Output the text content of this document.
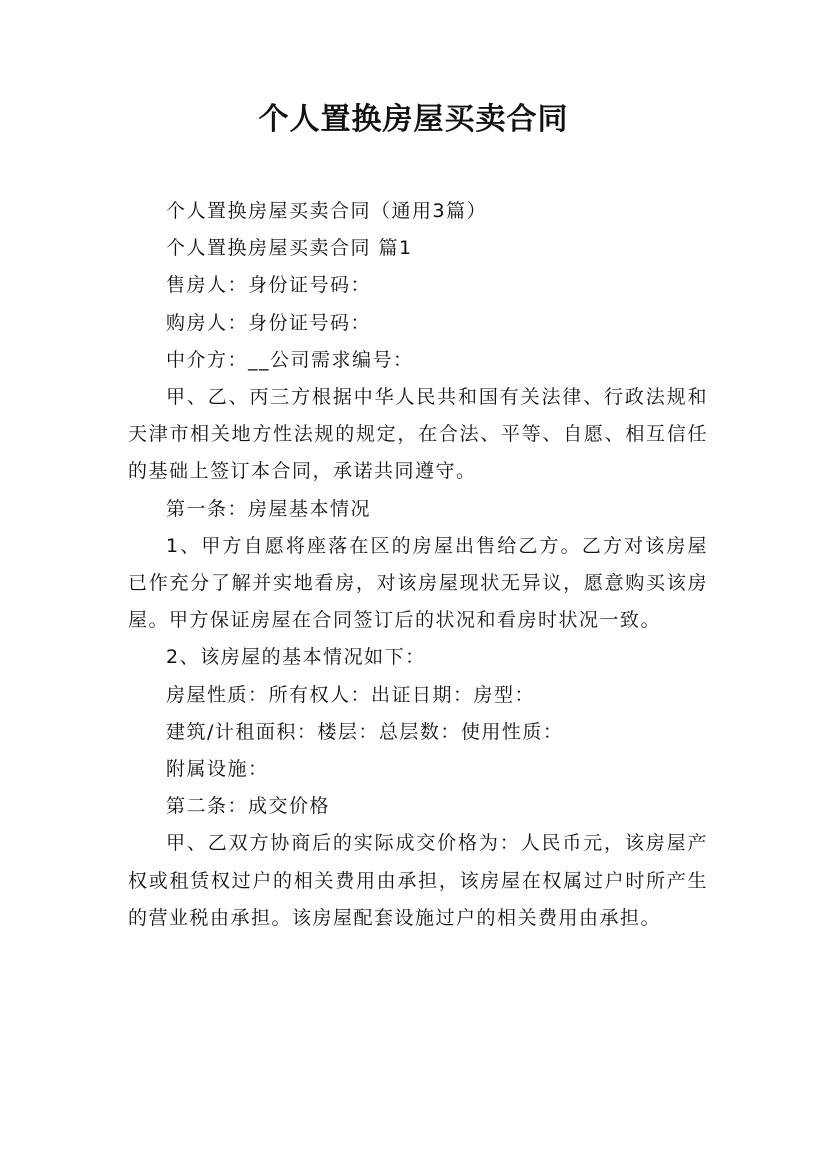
个人置换房屋买卖合同

个人置换房屋买卖合同（通用3篇）

个人置换房屋买卖合同 篇1

售房人：身份证号码：

购房人：身份证号码：

中介方：__公司需求编号：

甲、乙、丙三方根据中华人民共和国有关法律、行政法规和天津市相关地方性法规的规定，在合法、平等、自愿、相互信任的基础上签订本合同，承诺共同遵守。

第一条：房屋基本情况

1、甲方自愿将座落在区的房屋出售给乙方。乙方对该房屋已作充分了解并实地看房，对该房屋现状无异议，愿意购买该房屋。甲方保证房屋在合同签订后的状况和看房时状况一致。

2、该房屋的基本情况如下：

房屋性质：所有权人：出证日期：房型：

建筑/计租面积：楼层：总层数：使用性质：

附属设施：

第二条：成交价格

甲、乙双方协商后的实际成交价格为：人民币元，该房屋产权或租赁权过户的相关费用由承担，该房屋在权属过户时所产生的营业税由承担。该房屋配套设施过户的相关费用由承担。
